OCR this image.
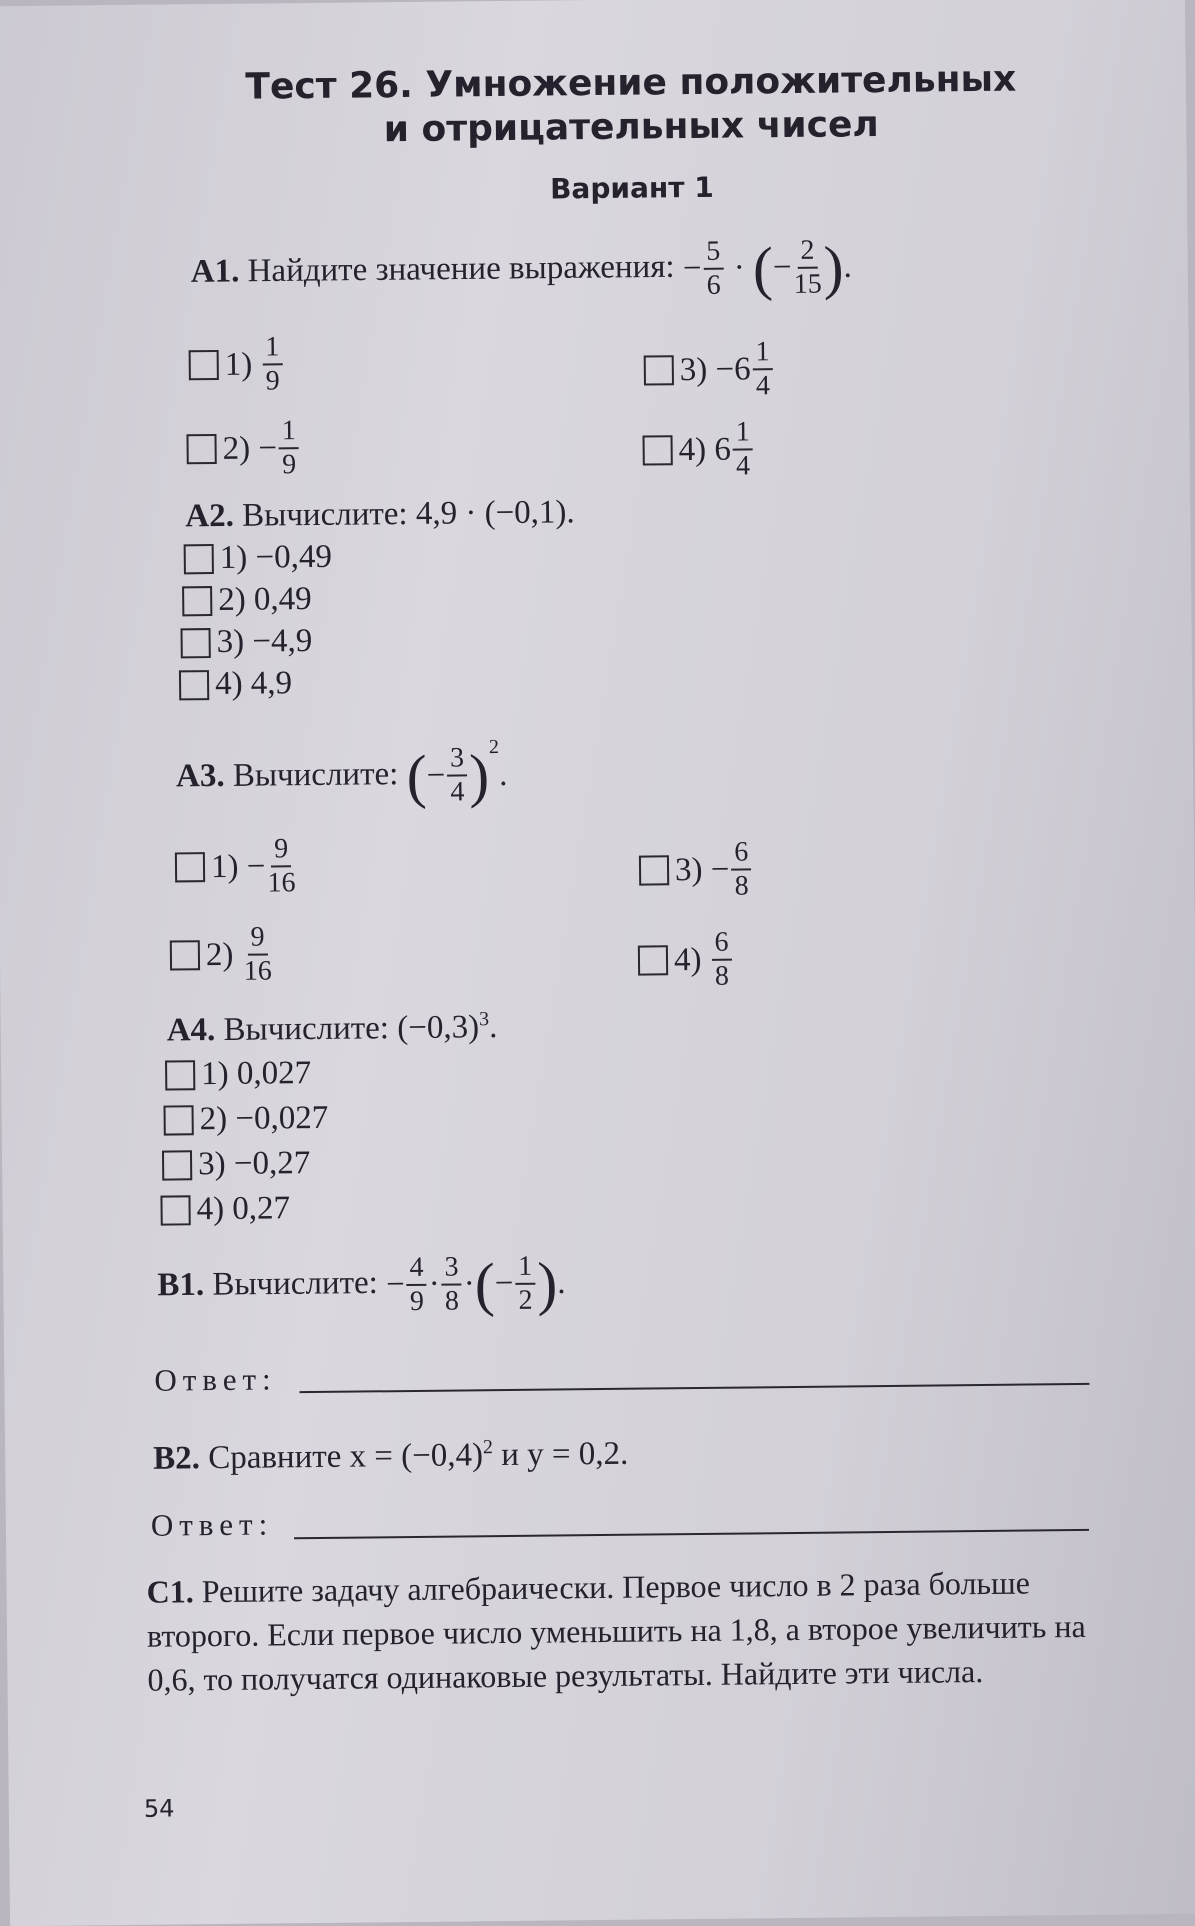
Тест 26. Умножение положительных
и отрицательных чисел
Вариант 1
А1. Найдите значение выражения: − $\frac{5}{6}$ · (− $\frac{2}{15}$ ).
1)
$\frac{1}{9}$
2)
− $\frac{1}{9}$
3)
− $6 \frac{1}{4}$
4)
$6 \frac{1}{4}$
А2. Вычислите: 4,9 · (−0,1).
1) −0,49
2) 0,49
3) −4,9
4) 4,9
А3. Вычислите: (− $\frac{3}{4} )^2$.
1)
− $\frac{9}{16}$
2)
$\frac{9}{16}$
3)
− $\frac{6}{8}$
4)
$\frac{6}{8}$
А4. Вычислите: $(-0,3)^3$.
1) 0,027
2) −0,027
3) −0,27
4) 0,27
В1. Вычислите: − $\frac{4}{9} \cdot \frac{3}{8}$ ·(− $\frac{1}{2}$ ).
Ответ:
В2. Сравните $x = (-0,4)^2$ и y = 0,2.
Ответ:
С1. Решите задачу алгебраически. Первое число в 2 раза больше второго. Если первое число уменьшить на 1,8, а второе увеличить на 0,6, то получатся одинаковые результаты. Найдите эти числа.
54
